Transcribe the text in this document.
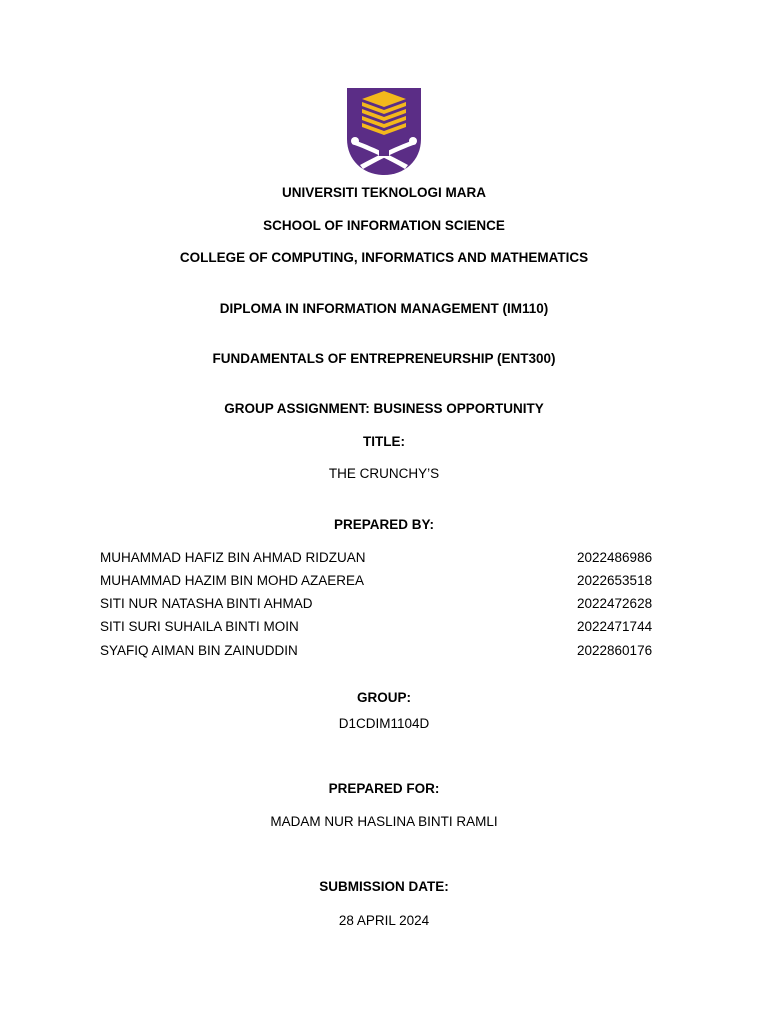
UNIVERSITI TEKNOLOGI MARA
SCHOOL OF INFORMATION SCIENCE
COLLEGE OF COMPUTING, INFORMATICS AND MATHEMATICS
DIPLOMA IN INFORMATION MANAGEMENT (IM110)
FUNDAMENTALS OF ENTREPRENEURSHIP (ENT300)
GROUP ASSIGNMENT: BUSINESS OPPORTUNITY
TITLE:
THE CRUNCHY’S
PREPARED BY:
MUHAMMAD HAFIZ BIN AHMAD RIDZUAN	2022486986
MUHAMMAD HAZIM BIN MOHD AZAEREA	2022653518
SITI NUR NATASHA BINTI AHMAD	2022472628
SITI SURI SUHAILA BINTI MOIN	2022471744
SYAFIQ AIMAN BIN ZAINUDDIN	2022860176
GROUP:
D1CDIM1104D
PREPARED FOR:
MADAM NUR HASLINA BINTI RAMLI
SUBMISSION DATE:
28 APRIL 2024
